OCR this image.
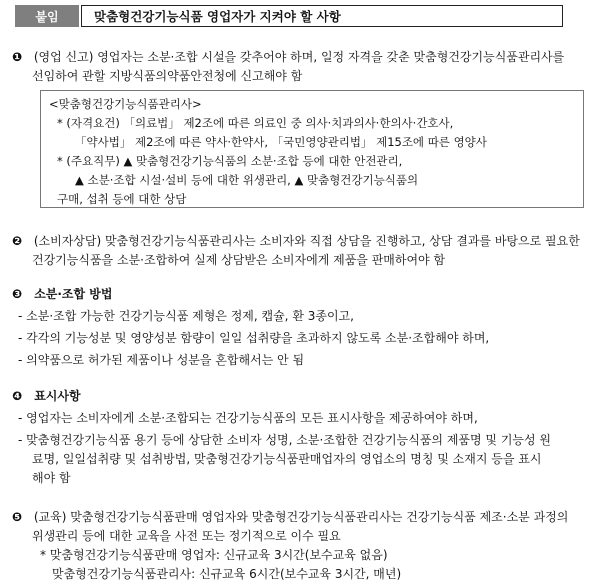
붙임	맞춤형건강기능식품 영업자가 지켜야 할 사항
❶ (영업 신고) 영업자는 소분·조합 시설을 갖추어야 하며, 일정 자격을 갖춘 맞춤형건강기능식품관리사를
선임하여 관할 지방식품의약품안전청에 신고해야 함
<맞춤형건강기능식품관리사>
* (자격요건) 「의료법」 제2조에 따른 의료인 중 의사·치과의사·한의사·간호사,
「약사법」 제2조에 따른 약사·한약사, 「국민영양관리법」 제15조에 따른 영양사
* (주요직무) ▲ 맞춤형건강기능식품의 소분·조합 등에 대한 안전관리,
▲ 소분·조합 시설·설비 등에 대한 위생관리, ▲ 맞춤형건강기능식품의
구매, 섭취 등에 대한 상담
❷ (소비자상담) 맞춤형건강기능식품관리사는 소비자와 직접 상담을 진행하고, 상담 결과를 바탕으로 필요한
건강기능식품을 소분·조합하여 실제 상담받은 소비자에게 제품을 판매하여야 함
❸ 소분·조합 방법
- 소분·조합 가능한 건강기능식품 제형은 정제, 캡슐, 환 3종이고,
- 각각의 기능성분 및 영양성분 함량이 일일 섭취량을 초과하지 않도록 소분·조합해야 하며,
- 의약품으로 허가된 제품이나 성분을 혼합해서는 안 됨
❹ 표시사항
- 영업자는 소비자에게 소분·조합되는 건강기능식품의 모든 표시사항을 제공하여야 하며,
- 맞춤형건강기능식품 용기 등에 상담한 소비자 성명, 소분·조합한 건강기능식품의 제품명 및 기능성 원
료명, 일일섭취량 및 섭취방법, 맞춤형건강기능식품판매업자의 영업소의 명칭 및 소재지 등을 표시
해야 함
❺ (교육) 맞춤형건강기능식품판매 영업자와 맞춤형건강기능식품관리사는 건강기능식품 제조·소분 과정의
위생관리 등에 대한 교육을 사전 또는 정기적으로 이수 필요
* 맞춤형건강기능식품판매 영업자: 신규교육 3시간(보수교육 없음)
맞춤형건강기능식품관리사: 신규교육 6시간(보수교육 3시간, 매년)
